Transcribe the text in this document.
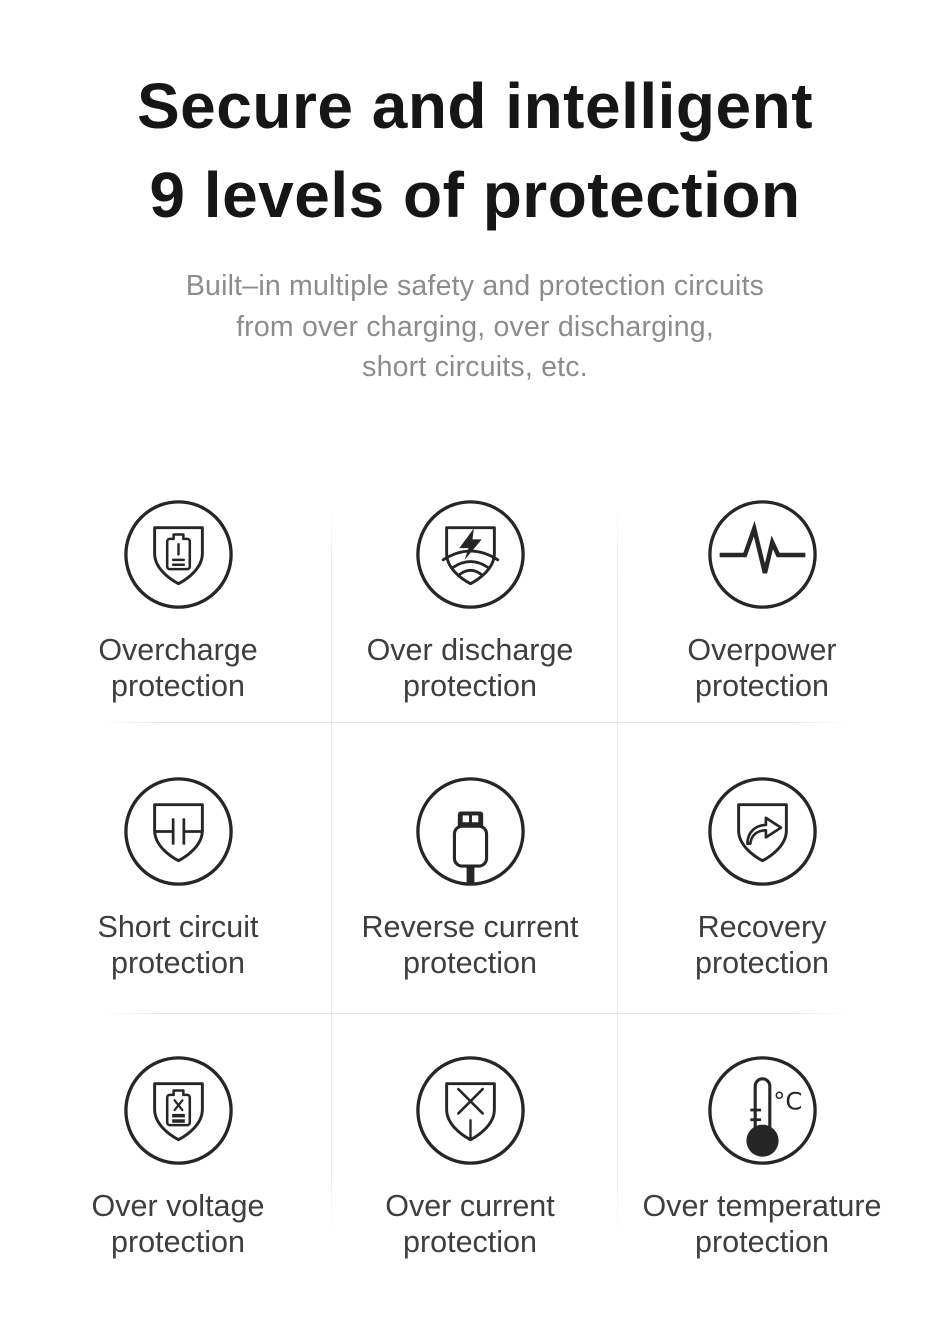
Secure and intelligent
9 levels of protection
Built–in multiple safety and protection circuits
from over charging, over discharging,
short circuits, etc.
Overcharge
protection
Over discharge
protection
Overpower
protection
Short circuit
protection
Reverse current
protection
Recovery
protection
Over voltage
protection
Over current
protection
°C
Over temperature
protection
